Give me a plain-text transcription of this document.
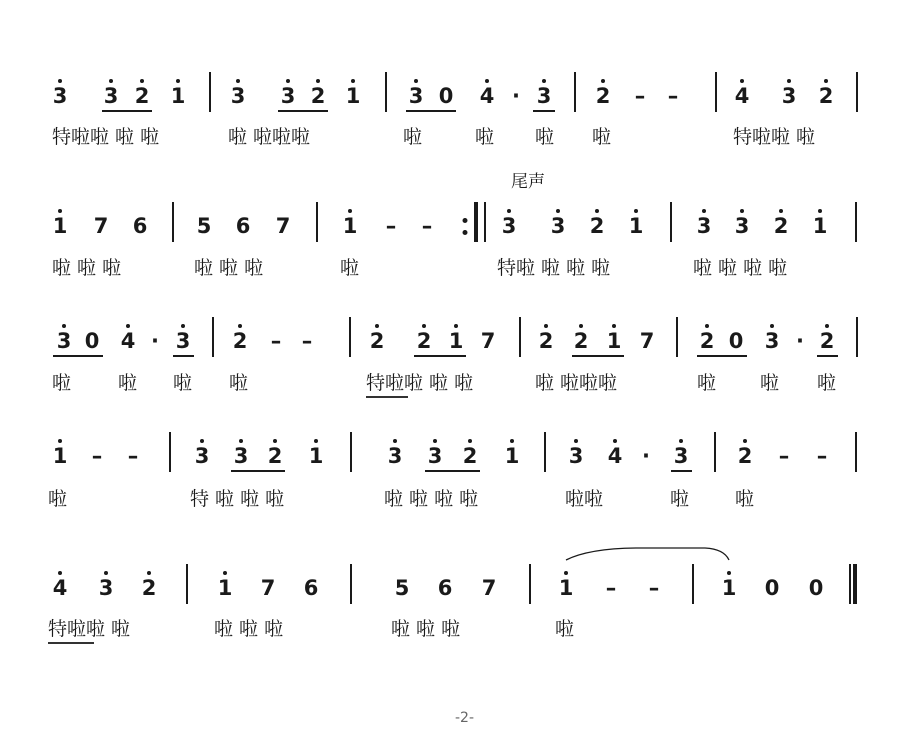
3 3 2 1 3 3 2 1 3 0 4 · 3 2 – –	4 3 2
特啦啦 啦 啦	啦 啦啦啦	啦	啦 啦 啦	特啦啦 啦
1 7 6 5 6 7 1 – –	3 3 2 1	3 3 2 1
啦 啦 啦	啦 啦 啦	啦	特啦 啦 啦 啦	啦 啦 啦 啦
3 0 4 · 3 2 – –	2 2 1 7 2 2 1 7 2 0 3 · 2
啦 啦 啦 啦	特啦啦 啦 啦	啦 啦啦啦	啦 啦 啦
1 – –	3 3 2 1	3 3 2 1 3 4 · 3 2 – –
啦	特 啦 啦 啦	啦 啦 啦 啦	啦啦	啦 啦
4 3 2	1 7 6	5 6 7	1 – –	1 0 0
特啦啦 啦	啦 啦 啦	啦 啦 啦	啦
尾声
-2-
